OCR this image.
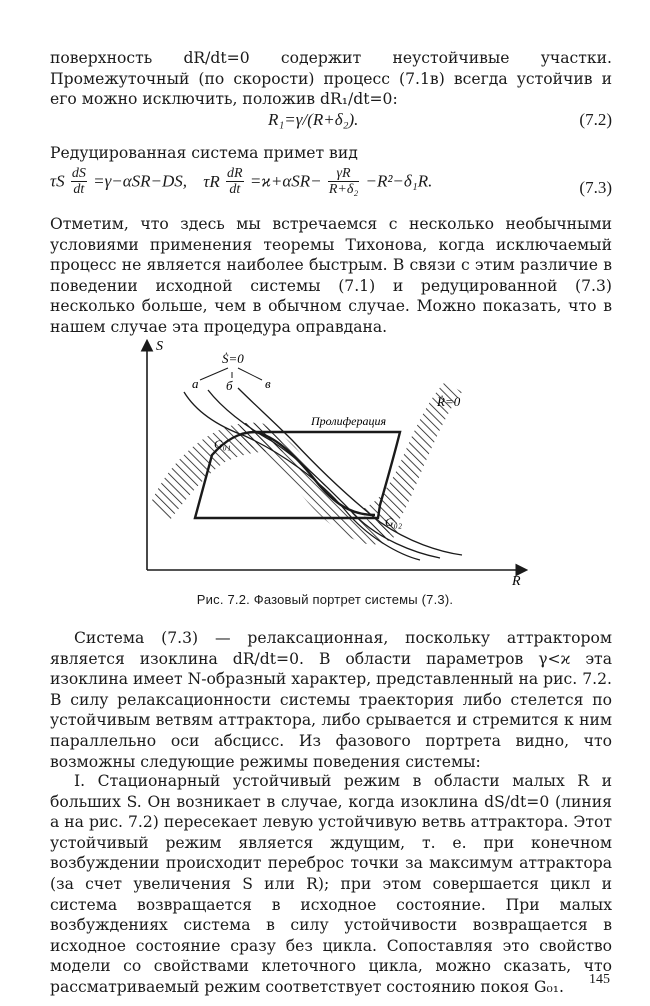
поверхность dR/dt=0 содержит неустойчивые участки. Промежуточный (по скорости) процесс (7.1в) всегда устойчив и его можно исключить, положив dR₁/dt=0:

R₁=γ/(R+δ₂).	(7.2)

Редуцированная система примет вид

τS $\frac{dS}{dt} =\gamma-\alpha SR-DS$, τR $\frac{dR}{dt} =ϰ+\alpha SR- \frac{\gamma R}{\text{R+δ₂}} -R^2-\delta_1R$.	(7.3)

Отметим, что здесь мы встречаемся с несколько необычными условиями применения теоремы Тихонова, когда исключаемый процесс не является наиболее быстрым. В связи с этим различие в поведении исходной системы (7.1) и редуцированной (7.3) несколько больше, чем в обычном случае. Можно показать, что в нашем случае эта процедура оправдана.

S
R
Ṡ=0
a б в
Ṙ=0
Пролиферация
G₀₁
G₀₂
Рис. 7.2. Фазовый портрет системы (7.3).

Система (7.3) — релаксационная, поскольку аттрактором является изоклина dR/dt=0. В области параметров γ<ϰ эта изоклина имеет N-образный характер, представленный на рис. 7.2. В силу релаксационности системы траектория либо стелется по устойчивым ветвям аттрактора, либо срывается и стремится к ним параллельно оси абсцисс. Из фазового портрета видно, что возможны следующие режимы поведения системы:

I. Стационарный устойчивый режим в области малых R и больших S. Он возникает в случае, когда изоклина dS/dt=0 (линия a на рис. 7.2) пересекает левую устойчивую ветвь аттрактора. Этот устойчивый режим является ждущим, т. е. при конечном возбуждении происходит переброс точки за максимум аттрактора (за счет увеличения S или R); при этом совершается цикл и система возвращается в исходное состояние. При малых возбуждениях система в силу устойчивости возвращается в исходное состояние сразу без цикла. Сопоставляя это свойство модели со свойствами клеточного цикла, можно сказать, что рассматриваемый режим соответствует состоянию покоя G₀₁.	145
